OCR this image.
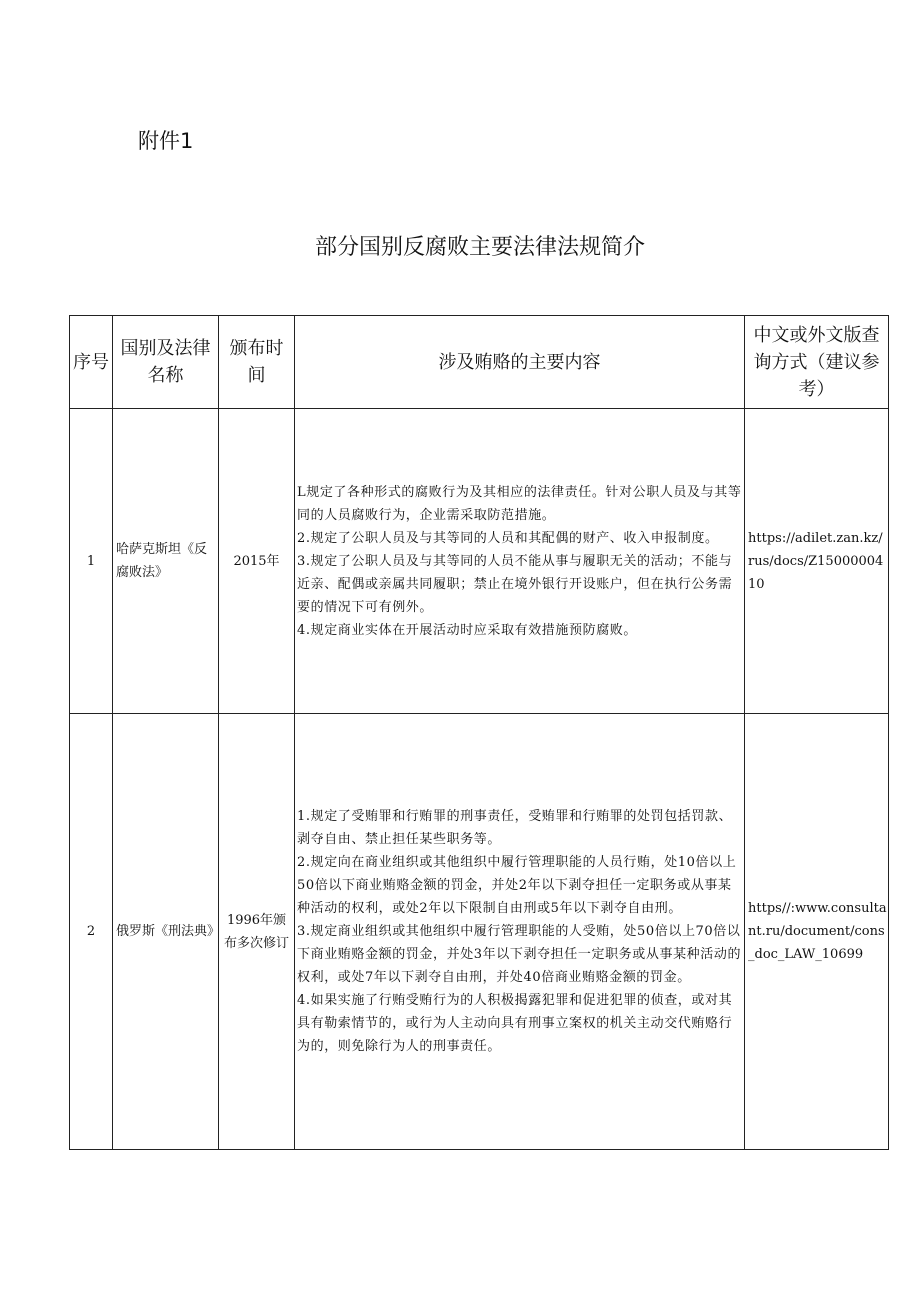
附件1
部分国别反腐败主要法律法规简介
序号	国别及法律名称	颁布时间	涉及贿赂的主要内容	中文或外文版查询方式（建议参考）
1	哈萨克斯坦《反腐败法》	2015年	L规定了各种形式的腐败行为及其相应的法律责任。针对公职人员及与其等同的人员腐败行为，企业需采取防范措施。
2.规定了公职人员及与其等同的人员和其配偶的财产、收入申报制度。
3.规定了公职人员及与其等同的人员不能从事与履职无关的活动；不能与近亲、配偶或亲属共同履职；禁止在境外银行开设账户，但在执行公务需要的情况下可有例外。
4.规定商业实体在开展活动时应采取有效措施预防腐败。	https://adilet.zan.kz/rus/docs/Z1500000410
2	俄罗斯《刑法典》	1996年颁布多次修订	1.规定了受贿罪和行贿罪的刑事责任，受贿罪和行贿罪的处罚包括罚款、剥夺自由、禁止担任某些职务等。
2.规定向在商业组织或其他组织中履行管理职能的人员行贿，处10倍以上50倍以下商业贿赂金额的罚金，并处2年以下剥夺担任一定职务或从事某种活动的权利，或处2年以下限制自由刑或5年以下剥夺自由刑。
3.规定商业组织或其他组织中履行管理职能的人受贿，处50倍以上70倍以下商业贿赂金额的罚金，并处3年以下剥夺担任一定职务或从事某种活动的权利，或处7年以下剥夺自由刑，并处40倍商业贿赂金额的罚金。
4.如果实施了行贿受贿行为的人积极揭露犯罪和促进犯罪的侦查，或对其具有勒索情节的，或行为人主动向具有刑事立案权的机关主动交代贿赂行为的，则免除行为人的刑事责任。	https//:www.consultant.ru/document/cons_doc_LAW_10699
